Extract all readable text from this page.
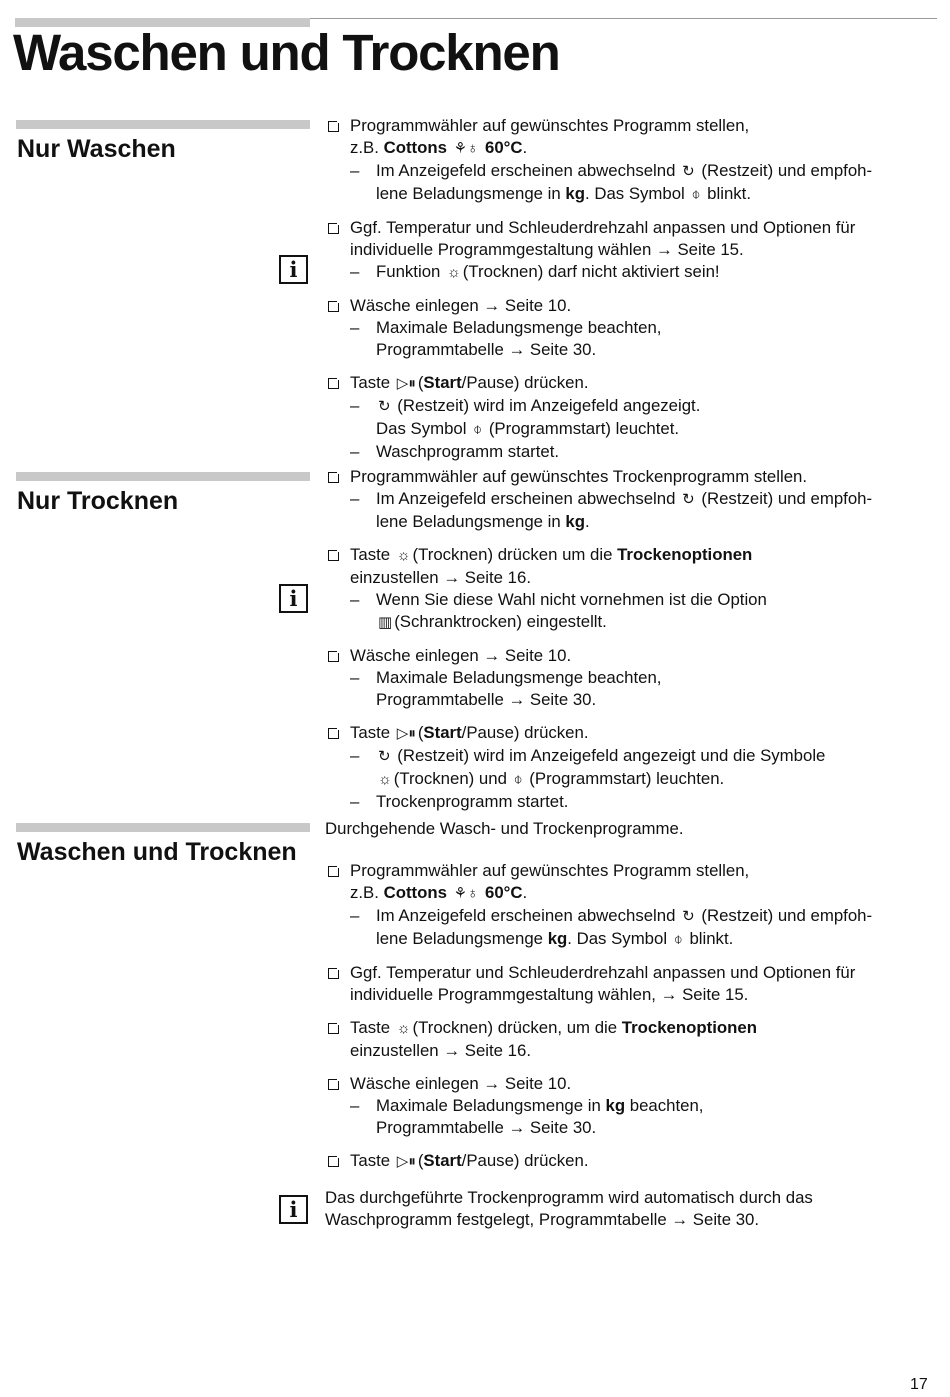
Waschen und Trocknen
Nur Waschen
i
Programmwähler auf gewünschtes Programm stellen,
z.B. Cottons ⚘♁ 60°C.
– Im Anzeigefeld erscheinen abwechselnd ↻ (Restzeit) und empfoh-
lene Beladungsmenge in kg. Das Symbol ⌽ blinkt.
Ggf. Temperatur und Schleuderdrehzahl anpassen und Optionen für
individuelle Programmgestaltung wählen → Seite 15.
– Funktion ☼ (Trocknen) darf nicht aktiviert sein!
Wäsche einlegen → Seite 10.
– Maximale Beladungsmenge beachten,
Programmtabelle → Seite 30.
Taste ▷⏸ (Start/Pause) drücken.
– ↻ (Restzeit) wird im Anzeigefeld angezeigt.
Das Symbol ⌽ (Programmstart) leuchtet.
– Waschprogramm startet.
Nur Trocknen
i
Programmwähler auf gewünschtes Trockenprogramm stellen.
– Im Anzeigefeld erscheinen abwechselnd ↻ (Restzeit) und empfoh-
lene Beladungsmenge in kg.
Taste ☼ (Trocknen) drücken um die Trockenoptionen
einzustellen → Seite 16.
– Wenn Sie diese Wahl nicht vornehmen ist die Option
▥ (Schranktrocken) eingestellt.
Wäsche einlegen → Seite 10.
– Maximale Beladungsmenge beachten,
Programmtabelle → Seite 30.
Taste ▷⏸ (Start/Pause) drücken.
– ↻ (Restzeit) wird im Anzeigefeld angezeigt und die Symbole
☼ (Trocknen) und ⌽ (Programmstart) leuchten.
– Trockenprogramm startet.
Waschen und Trocknen
Durchgehende Wasch- und Trockenprogramme.
Programmwähler auf gewünschtes Programm stellen,
z.B. Cottons ⚘♁ 60°C.
– Im Anzeigefeld erscheinen abwechselnd ↻ (Restzeit) und empfoh-
lene Beladungsmenge kg. Das Symbol ⌽ blinkt.
Ggf. Temperatur und Schleuderdrehzahl anpassen und Optionen für
individuelle Programmgestaltung wählen, → Seite 15.
Taste ☼ (Trocknen) drücken, um die Trockenoptionen
einzustellen → Seite 16.
Wäsche einlegen → Seite 10.
– Maximale Beladungsmenge in kg beachten,
Programmtabelle → Seite 30.
Taste ▷⏸ (Start/Pause) drücken.
i	Das durchgeführte Trockenprogramm wird automatisch durch das
Waschprogramm festgelegt, Programmtabelle → Seite 30.
17
